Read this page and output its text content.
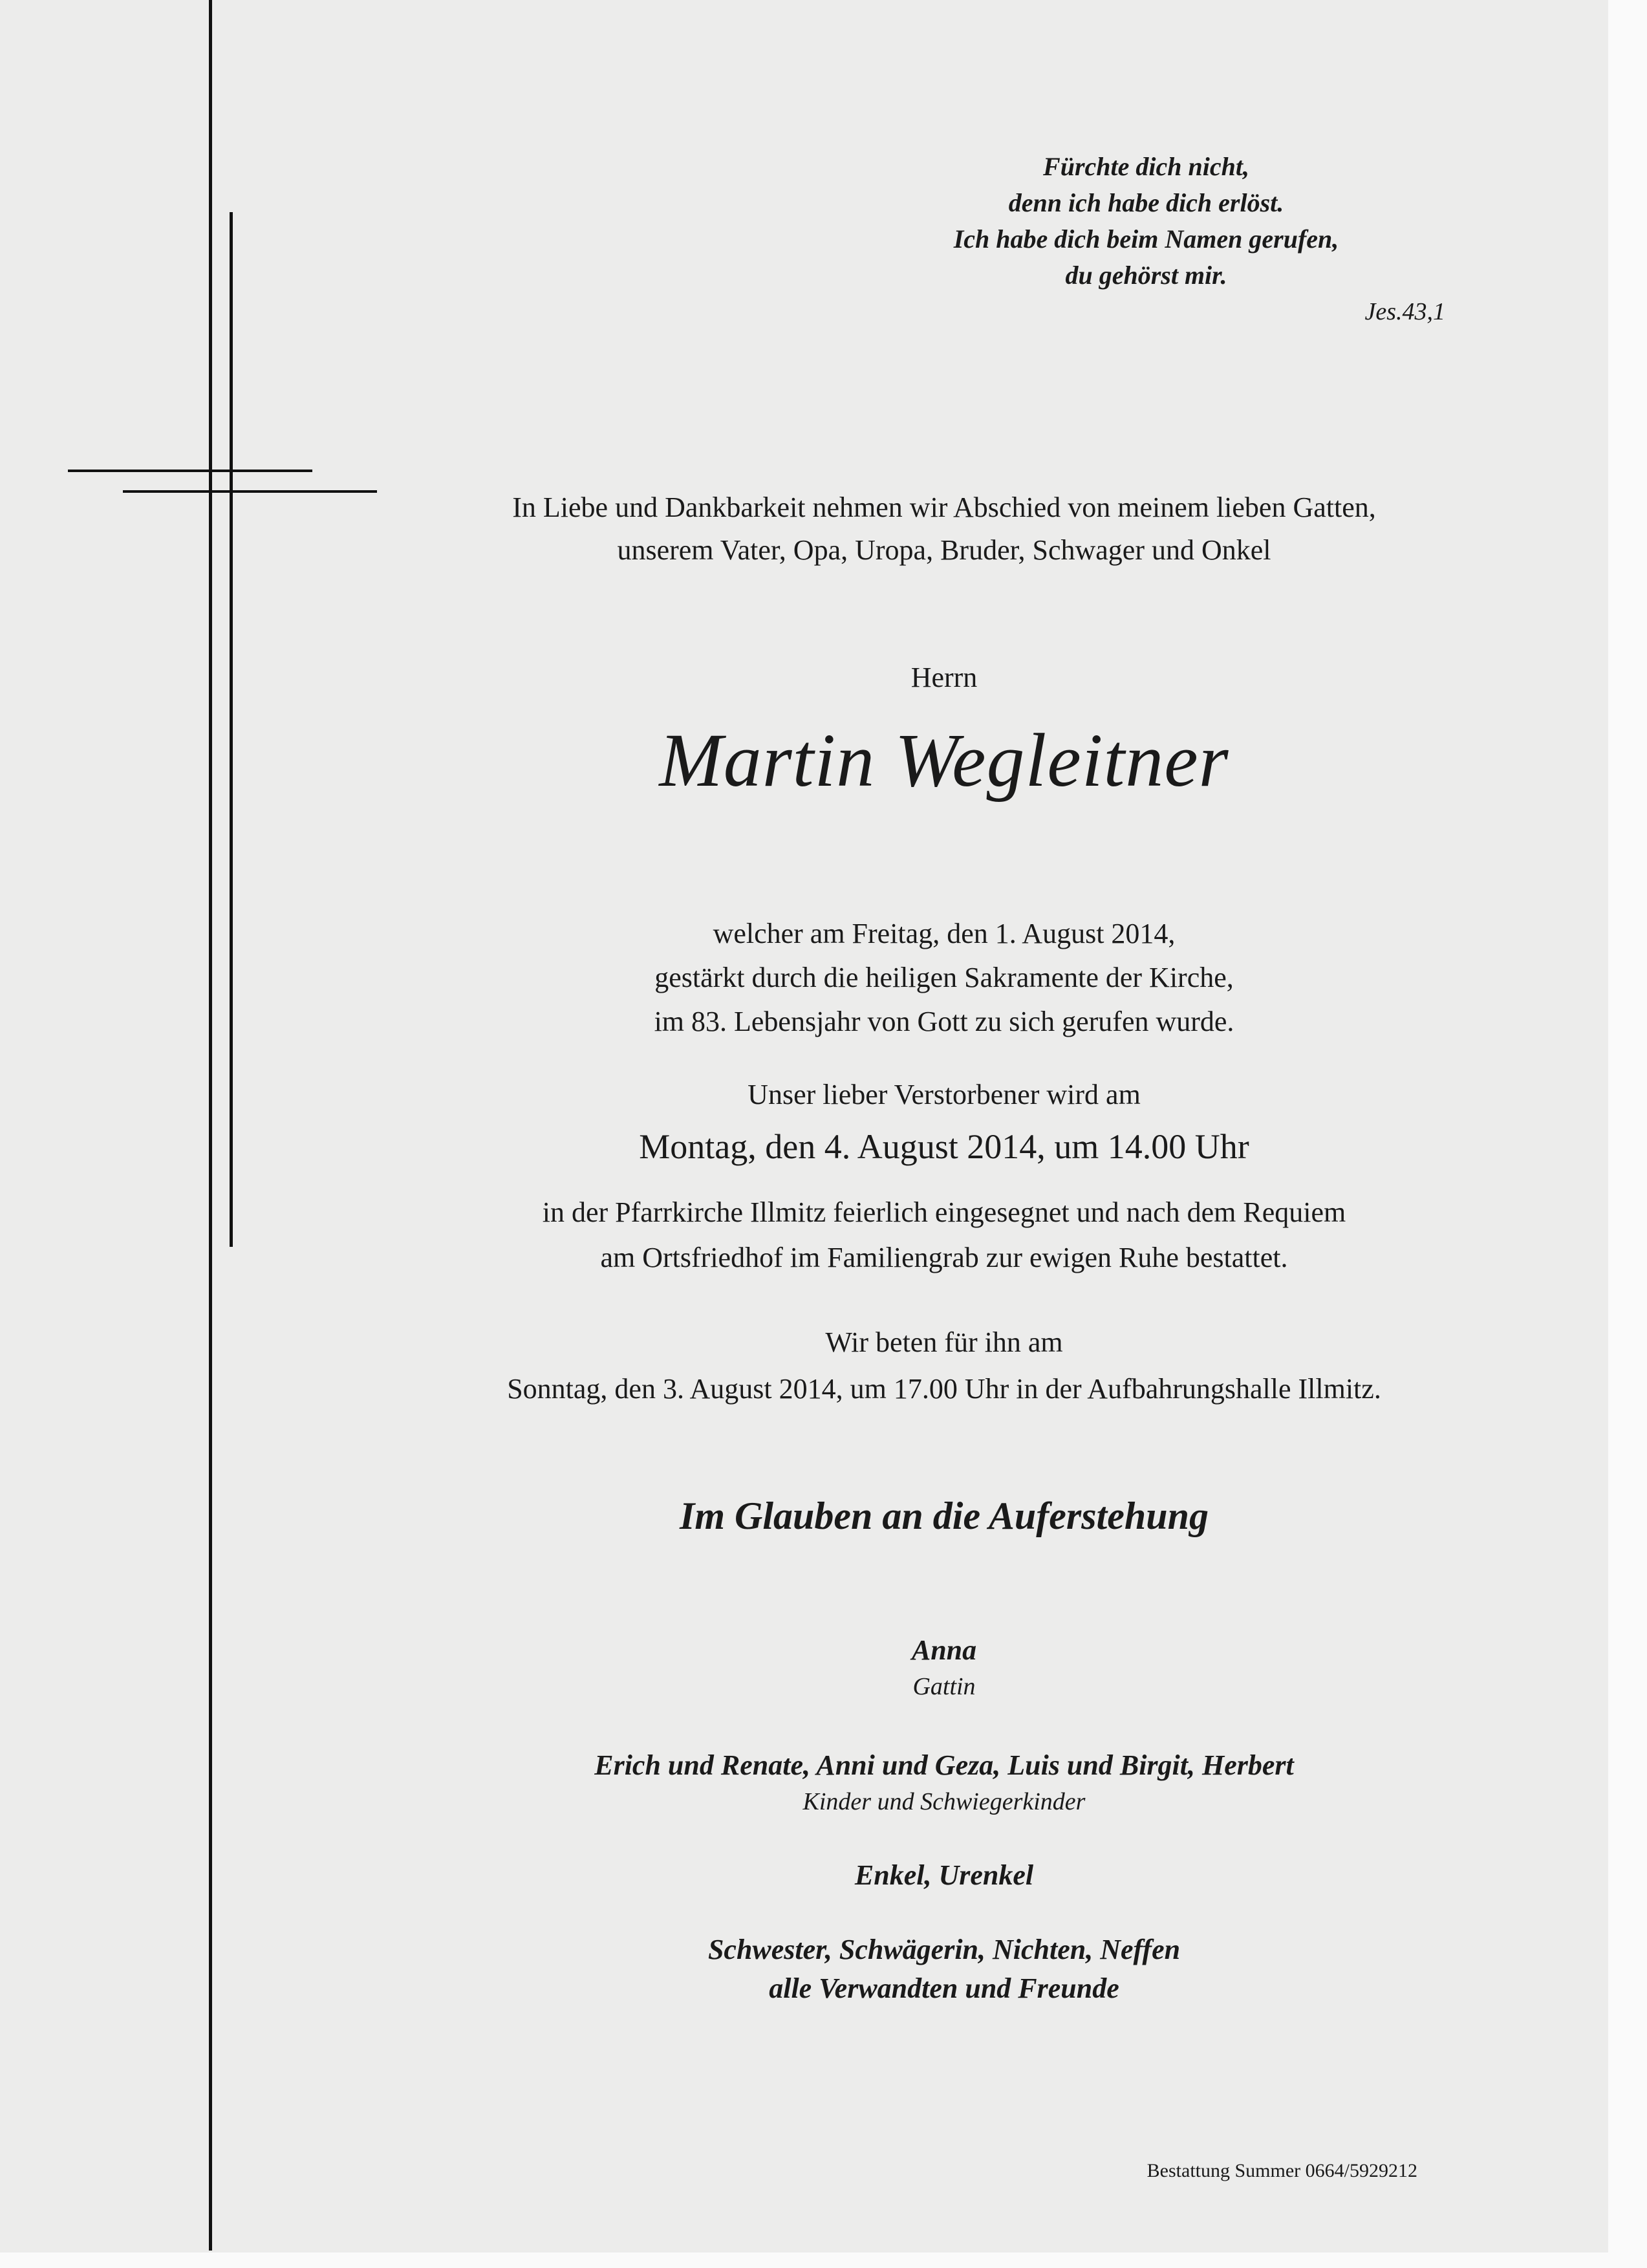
Fürchte dich nicht,

denn ich habe dich erlöst.

Ich habe dich beim Namen gerufen,

du gehörst mir.

Jes.43,1

In Liebe und Dankbarkeit nehmen wir Abschied von meinem lieben Gatten,

unserem Vater, Opa, Uropa, Bruder, Schwager und Onkel

Herrn
Martin Wegleitner

welcher am Freitag, den 1. August 2014,

gestärkt durch die heiligen Sakramente der Kirche,

im 83. Lebensjahr von Gott zu sich gerufen wurde.

Unser lieber Verstorbener wird am
Montag, den 4. August 2014, um 14.00 Uhr

in der Pfarrkirche Illmitz feierlich eingesegnet und nach dem Requiem

am Ortsfriedhof im Familiengrab zur ewigen Ruhe bestattet.

Wir beten für ihn am

Sonntag, den 3. August 2014, um 17.00 Uhr in der Aufbahrungshalle Illmitz.

Im Glauben an die Auferstehung

Anna

Gattin

Erich und Renate, Anni und Geza, Luis und Birgit, Herbert

Kinder und Schwiegerkinder

Enkel, Urenkel

Schwester, Schwägerin, Nichten, Neffen

alle Verwandten und Freunde

Bestattung Summer 0664/5929212
